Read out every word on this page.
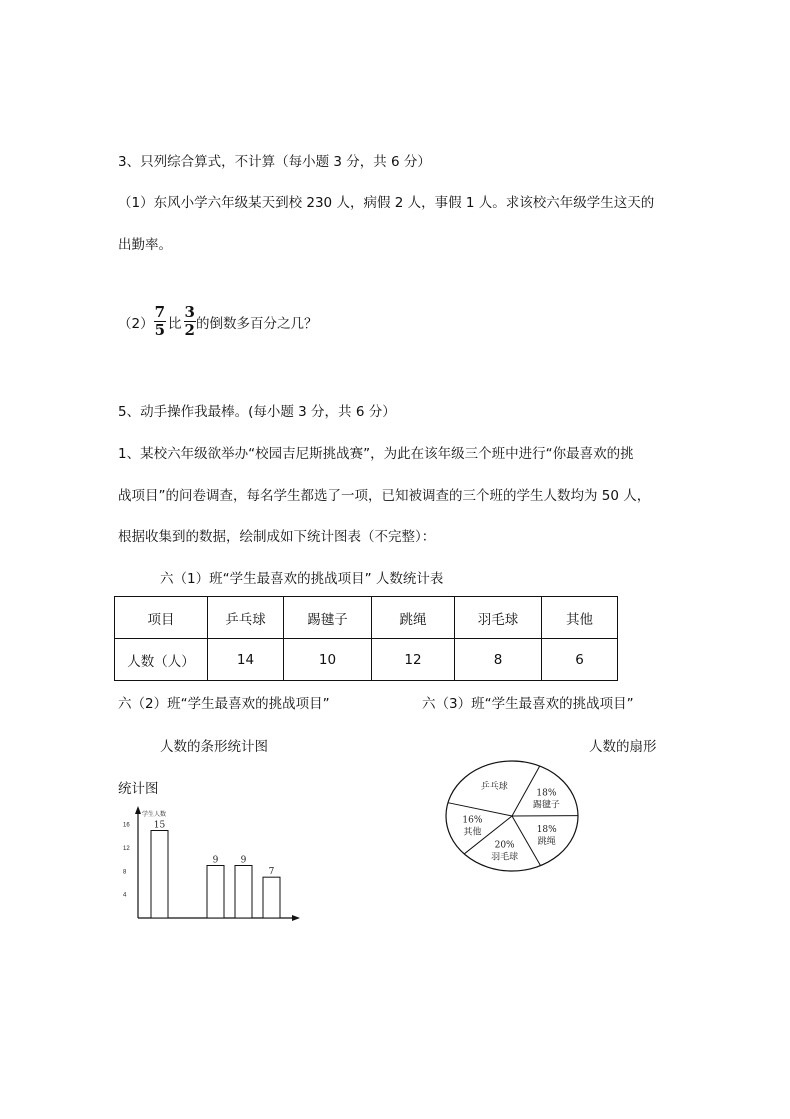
3、只列综合算式，不计算（每小题 3 分，共 6 分）
（1）东风小学六年级某天到校 230 人，病假 2 人，事假 1 人。求该校六年级学生这天的
出勤率。
$(2) \frac{7}{5}$ 比 $\frac{3}{2}$ 的倒数多百分之几？
5、动手操作我最棒。(每小题 3 分，共 6 分）
1、某校六年级欲举办“校园吉尼斯挑战赛”，为此在该年级三个班中进行“你最喜欢的挑
战项目”的问卷调查，每名学生都选了一项，已知被调查的三个班的学生人数均为 50 人，
根据收集到的数据，绘制成如下统计图表（不完整）：
六（1）班“学生最喜欢的挑战项目” 人数统计表
项目	乒乓球	踢毽子	跳绳	羽毛球	其他
人数（人）	14	10	12	8	6
六（2）班“学生最喜欢的挑战项目”
人数的条形统计图
统计图
六（3）班“学生最喜欢的挑战项目”
人数的扇形
学生人数
4
8
12
16	15
9 9
7
乒乓球
18%
踢毽子
18%
跳绳
20%
羽毛球
16%
其他
